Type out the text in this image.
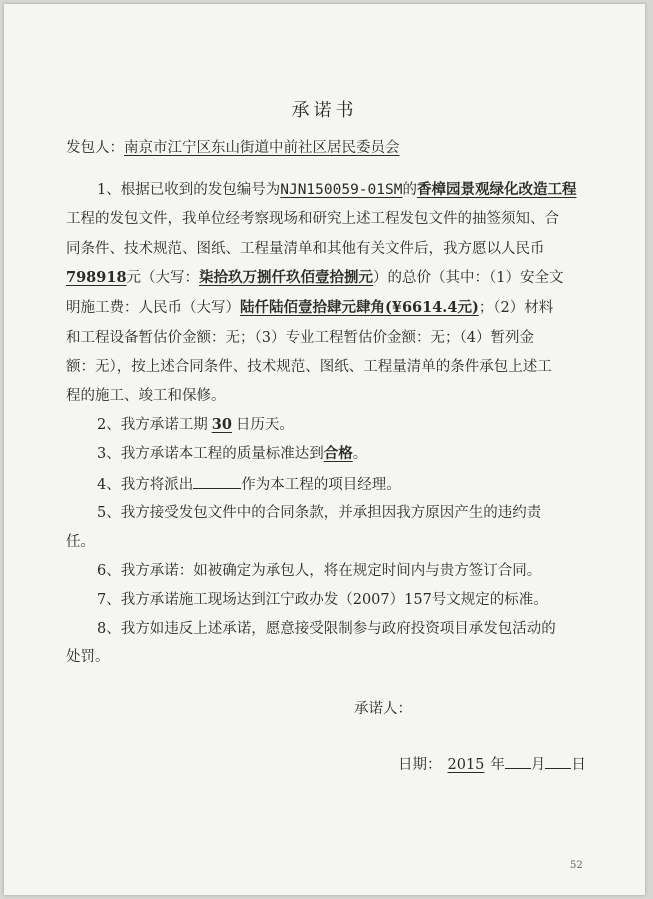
承诺书
发包人：南京市江宁区东山街道中前社区居民委员会
1、根据已收到的发包编号为NJN150059-01SM的香樟园景观绿化改造工程
工程的发包文件，我单位经考察现场和研究上述工程发包文件的抽签须知、合
同条件、技术规范、图纸、工程量清单和其他有关文件后，我方愿以人民币
798918元（大写：柒拾玖万捌仟玖佰壹拾捌元）的总价（其中：（1）安全文
明施工费：人民币（大写）陆仟陆佰壹拾肆元肆角(¥6614.4元)；（2）材料
和工程设备暂估价金额：无；（3）专业工程暂估价金额：无；（4）暂列金
额：无），按上述合同条件、技术规范、图纸、工程量清单的条件承包上述工
程的施工、竣工和保修。
2、我方承诺工期 30 日历天。
3、我方承诺本工程的质量标准达到合格。
4、我方将派出	作为本工程的项目经理。
5、我方接受发包文件中的合同条款，并承担因我方原因产生的违约责
任。
6、我方承诺：如被确定为承包人，将在规定时间内与贵方签订合同。
7、我方承诺施工现场达到江宁政办发（2007）157号文规定的标准。
8、我方如违反上述承诺，愿意接受限制参与政府投资项目承发包活动的
处罚。
承诺人：
日期： 2015 年 月 日
52
